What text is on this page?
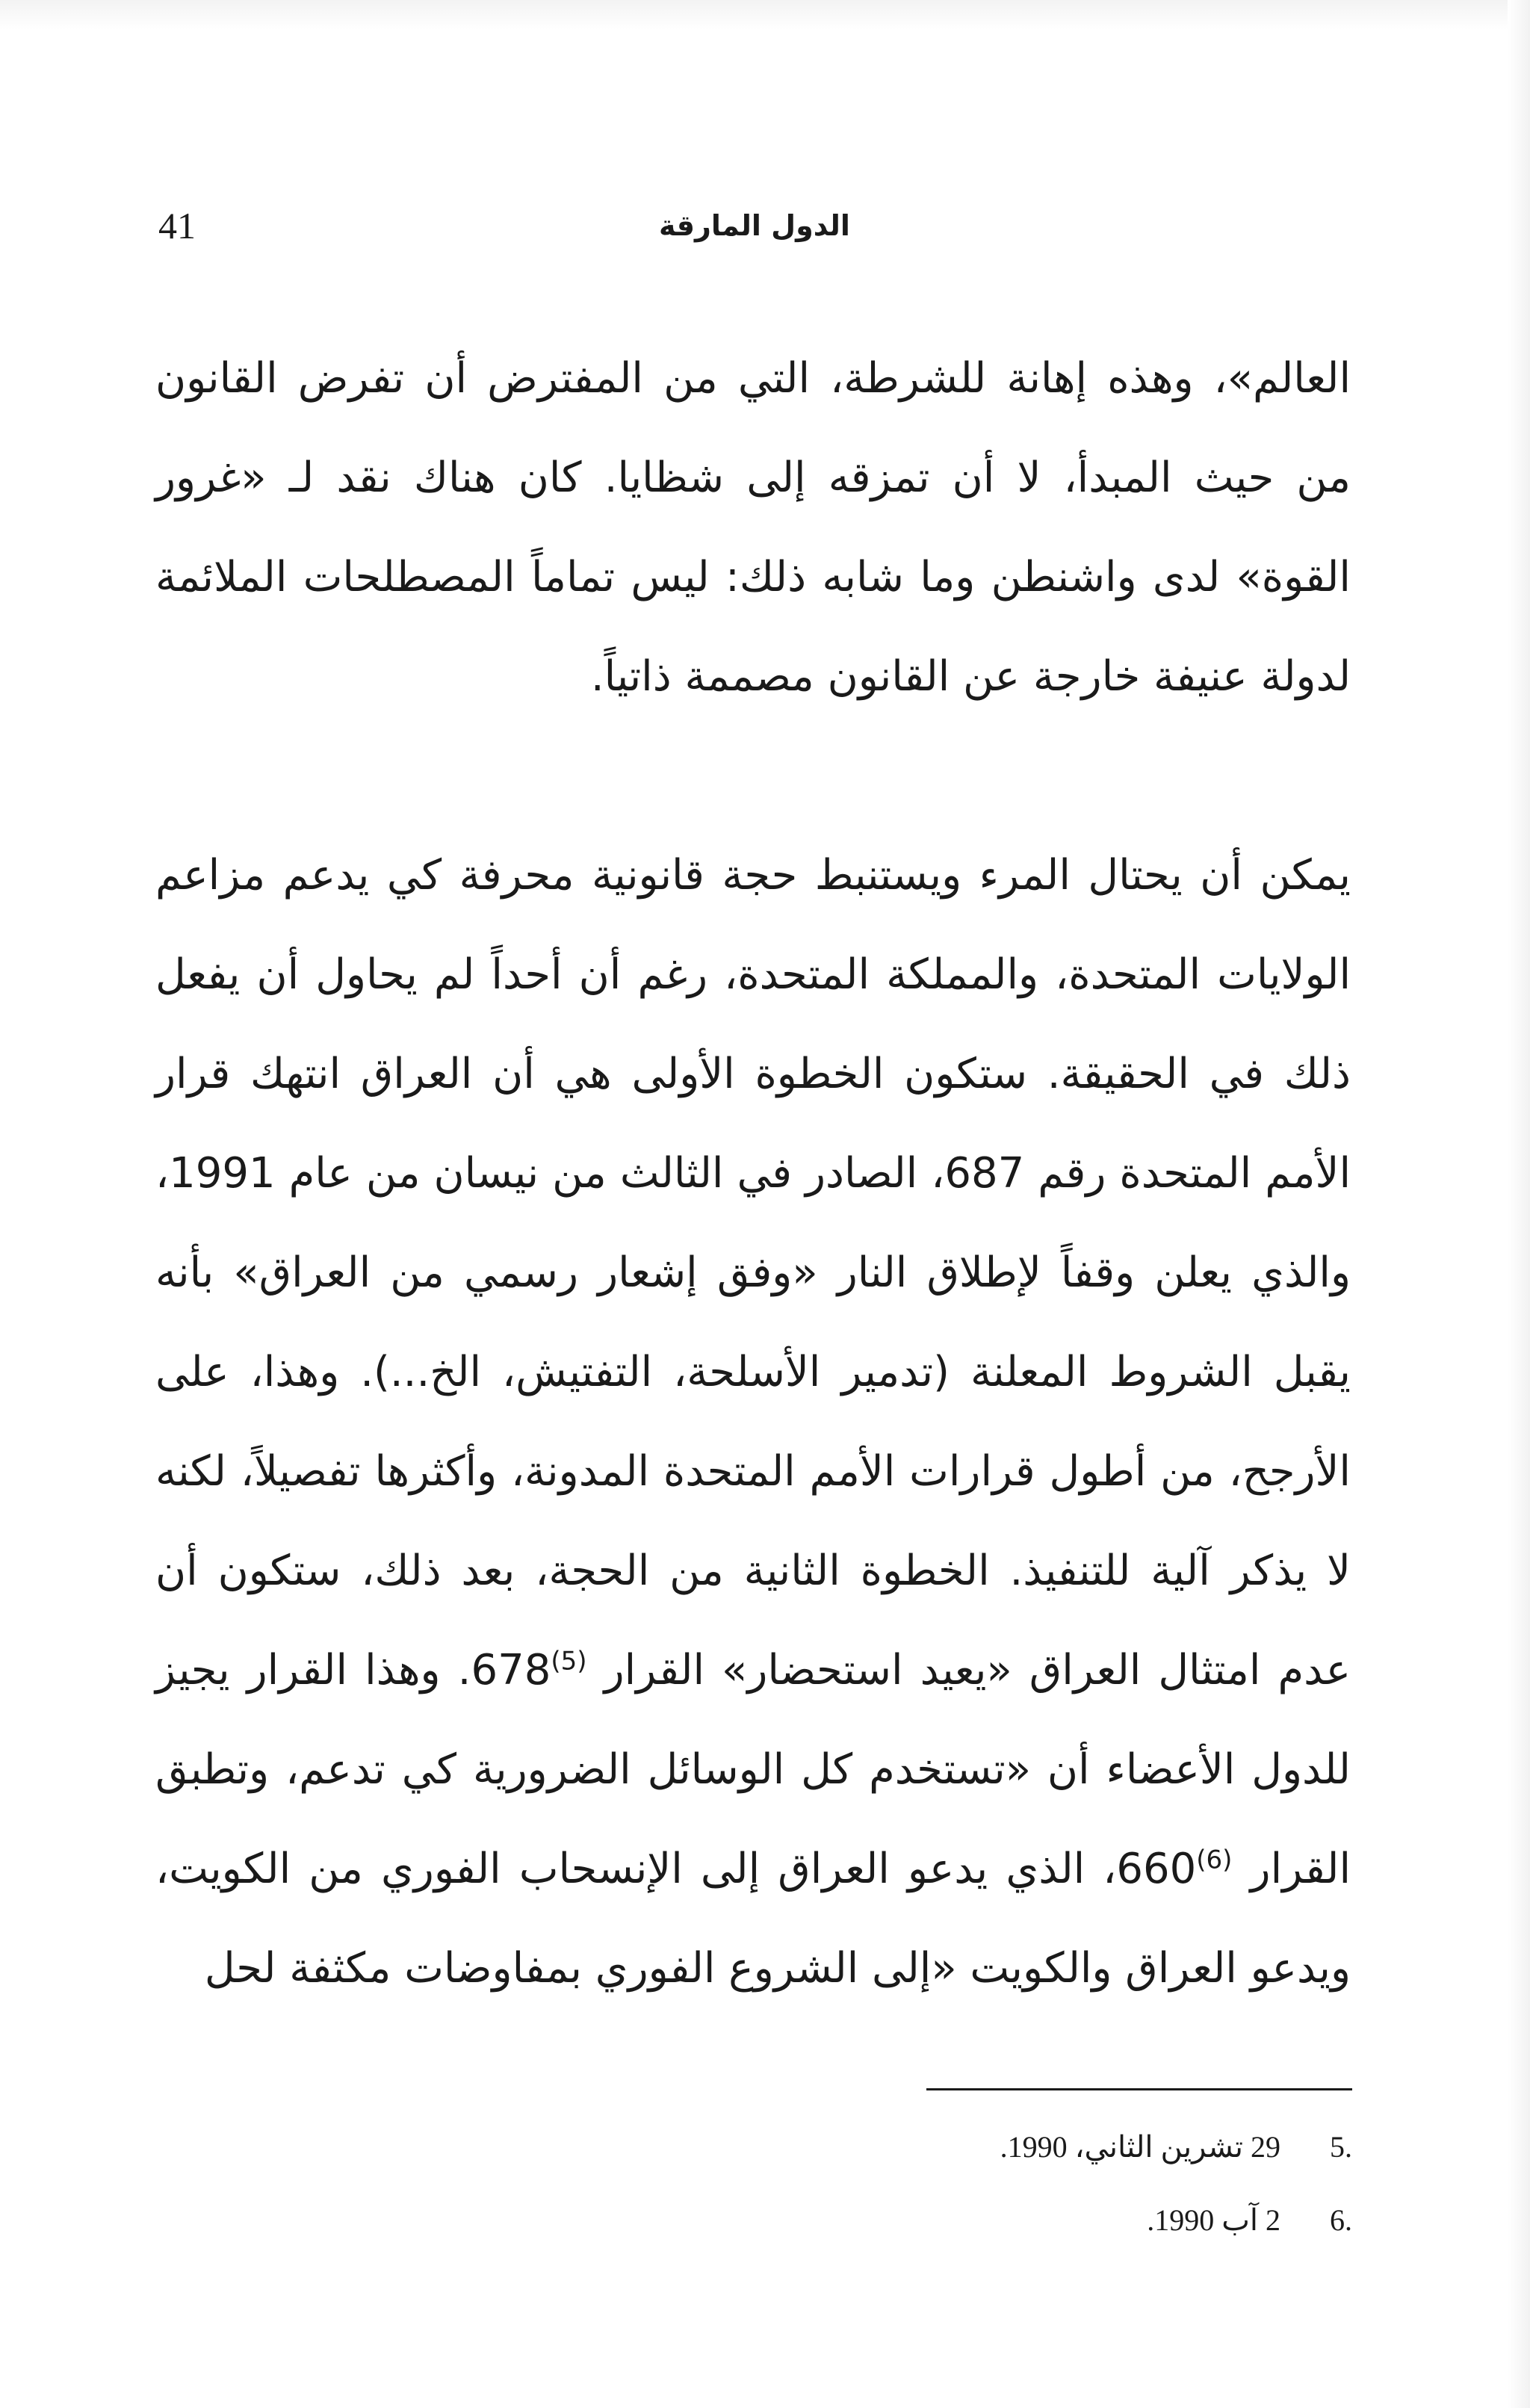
41	الدول المارقة

العالم»، وهذه إهانة للشرطة، التي من المفترض أن تفرض القانون من حيث المبدأ، لا أن تمزقه إلى شظايا. كان هناك نقد لـ «غرور القوة» لدى واشنطن وما شابه ذلك: ليس تماماً المصطلحات الملائمة لدولة عنيفة خارجة عن القانون مصممة ذاتياً.

يمكن أن يحتال المرء ويستنبط حجة قانونية محرفة كي يدعم مزاعم الولايات المتحدة، والمملكة المتحدة، رغم أن أحداً لم يحاول أن يفعل ذلك في الحقيقة. ستكون الخطوة الأولى هي أن العراق انتهك قرار الأمم المتحدة رقم 687، الصادر في الثالث من نيسان من عام 1991، والذي يعلن وقفاً لإطلاق النار «وفق إشعار رسمي من العراق» بأنه يقبل الشروط المعلنة (تدمير الأسلحة، التفتيش، الخ...). وهذا، على الأرجح، من أطول قرارات الأمم المتحدة المدونة، وأكثرها تفصيلاً، لكنه لا يذكر آلية للتنفيذ. الخطوة الثانية من الحجة، بعد ذلك، ستكون أن عدم امتثال العراق «يعيد استحضار» القرار 678$^{(5)}$. وهذا القرار يجيز للدول الأعضاء أن «تستخدم كل الوسائل الضرورية كي تدعم، وتطبق القرار 660$^{(6)}$، الذي يدعو العراق إلى الإنسحاب الفوري من الكويت، ويدعو العراق والكويت «إلى الشروع الفوري بمفاوضات مكثفة لحل

.5
29 تشرين الثاني، 1990.
.6
2 آب 1990.
